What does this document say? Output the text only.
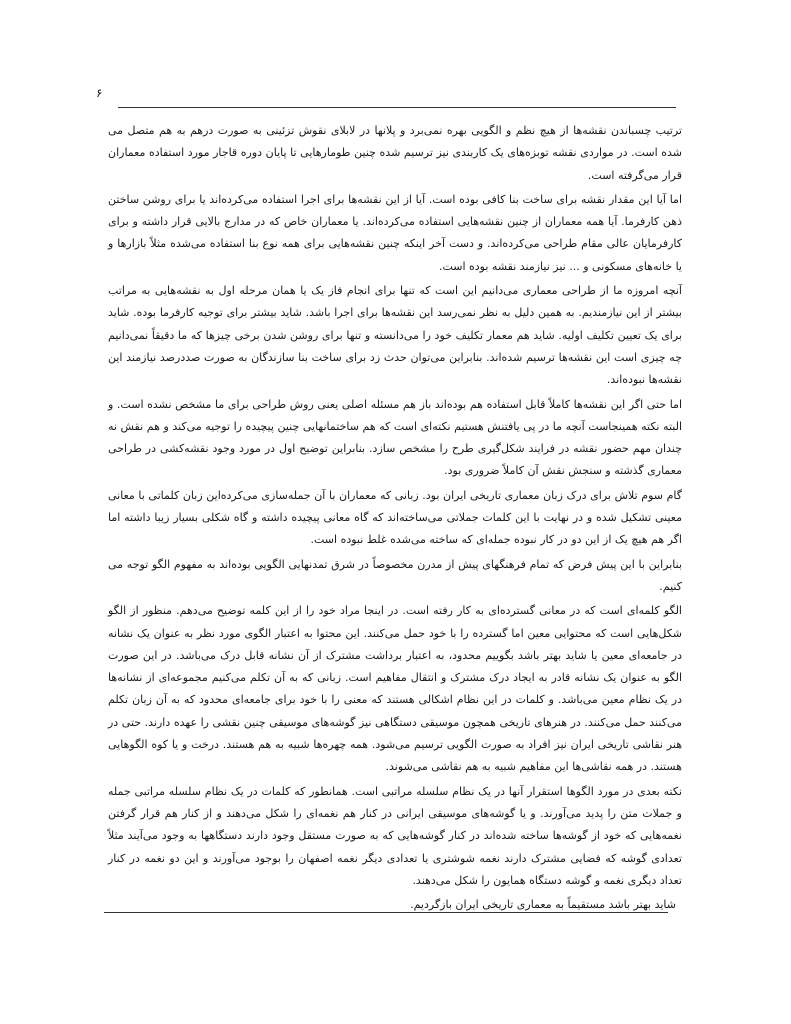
۶

ترتیب چسباندن نقشه‌ها از هیچ نظم و الگویی بهره نمی‌برد و پلانها در لابلای نقوش تزئینی به صورت درهم به هم متصل می شده است. در مواردی نقشه توبزه‌های یک کاربندی نیز ترسیم شده چنین طومارهایی تا پایان دوره قاجار مورد استفاده معماران قرار می‌گرفته است.

اما آیا این مقدار نقشه برای ساخت بنا کافی بوده است. آیا از این نقشه‌ها برای اجرا استفاده می‌کرده‌اند یا برای روشن ساختن ذهن کارفرما. آیا همه معماران از چنین نقشه‌هایی استفاده می‌کرده‌اند. یا معماران خاص که در مدارج بالایی قرار داشته و برای کارفرمایان عالی مقام طراحی می‌کرده‌اند. و دست آخر اینکه چنین نقشه‌هایی برای همه نوع بنا استفاده می‌شده مثلاً بازارها و یا خانه‌های مسکونی و ... نیز نیازمند نقشه بوده است.

آنچه امروزه ما از طراحی معماری می‌دانیم این است که تنها برای انجام فاز یک یا همان مرحله اول به نقشه‌هایی به مراتب بیشتر از این نیازمندیم. به همین دلیل به نظر نمی‌رسد این نقشه‌ها برای اجرا باشد. شاید بیشتر برای توجیه کارفرما بوده. شاید برای یک تعیین تکلیف اولیه. شاید هم معمار تکلیف خود را می‌دانسته و تنها برای روشن شدن برخی چیزها که ما دقیقاً نمی‌دانیم چه چیزی است این نقشه‌ها ترسیم شده‌اند. بنابراین می‌توان حدث زد برای ساخت بنا سازندگان به صورت صددرصد نیازمند این نقشه‌ها نبوده‌اند.

اما حتی اگر این نقشه‌ها کاملاً قابل استفاده هم بوده‌اند باز هم مسئله اصلی یعنی روش طراحی برای ما مشخص نشده است. و البته نکته همینجاست آنچه ما در پی یافتنش هستیم نکته‌ای است که هم ساختمانهایی چنین پیچیده را توجیه می‌کند و هم نقش نه چندان مهم حضور نقشه در فرایند شکل‌گیری طرح را مشخص سازد. بنابراین توضیح اول در مورد وجود نقشه‌کشی در طراحی معماری گذشته و سنجش نقش آن کاملاً ضروری بود.

گام سوم تلاش برای درک زبان معماری تاریخی ایران بود. زبانی که معماران با آن جمله‌سازی می‌کرده‌این زبان کلماتی با معانی معینی تشکیل شده و در نهایت با این کلمات جملاتی می‌ساخته‌اند که گاه معانی پیچیده داشته و گاه شکلی بسیار زیبا داشته اما اگر هم هیچ یک از این دو در کار نبوده جمله‌ای که ساخته می‌شده غلط نبوده است.

بنابراین با این پیش فرض که تمام فرهنگهای پیش از مدرن مخصوصاً در شرق تمدنهایی الگویی بوده‌اند به مفهوم الگو توجه می کنیم.

الگو کلمه‌ای است که در معانی گسترده‌ای به کار رفته است. در اینجا مراد خود را از این کلمه توضیح می‌دهم. منظور از الگو شکل‌هایی است که محتوایی معین اما گسترده را با خود حمل می‌کنند. این محتوا به اعتبار الگوی مورد نظر به عنوان یک نشانه در جامعه‌ای معین یا شاید بهتر باشد بگوییم محدود، به اعتبار برداشت مشترک از آن نشانه قابل درک می‌باشد. در این صورت الگو به عنوان یک نشانه قادر به ایجاد درک مشترک و انتقال مفاهیم است. زبانی که به آن تکلم می‌کنیم مجموعه‌ای از نشانه‌ها در یک نظام معین می‌باشد. و کلمات در این نظام اشکالی هستند که معنی را با خود برای جامعه‌ای محدود که به آن زبان تکلم می‌کنند حمل می‌کنند. در هنرهای تاریخی همچون موسیقی دستگاهی نیز گوشه‌های موسیقی چنین نقشی را عهده دارند. حتی در هنر نقاشی تاریخی ایران نیز افراد به صورت الگویی ترسیم می‌شود. همه چهره‌ها شبیه به هم هستند. درخت و یا کوه الگوهایی هستند. در همه نقاشی‌ها این مفاهیم شبیه به هم نقاشی می‌شوند.

نکته بعدی در مورد الگوها استقرار آنها در یک نظام سلسله مراتبی است. همانطور که کلمات در یک نظام سلسله مراتبی جمله و جملات متن را پدید می‌آورند. و یا گوشه‌های موسیقی ایرانی در کنار هم نغمه‌ای را شکل می‌دهند و از کنار هم قرار گرفتن نغمه‌هایی که خود از گوشه‌ها ساخته شده‌اند در کنار گوشه‌هایی که به صورت مستقل وجود دارند دستگاهها به وجود می‌آیند مثلاً تعدادی گوشه که فضایی مشترک دارند نغمه شوشتری یا تعدادی دیگر نغمه اصفهان را بوجود می‌آورند و این دو نغمه در کنار تعداد دیگری نغمه و گوشه دستگاه همایون را شکل می‌دهند.

شاید بهتر باشد مستقیماً به معماری تاریخی ایران بازگردیم.
